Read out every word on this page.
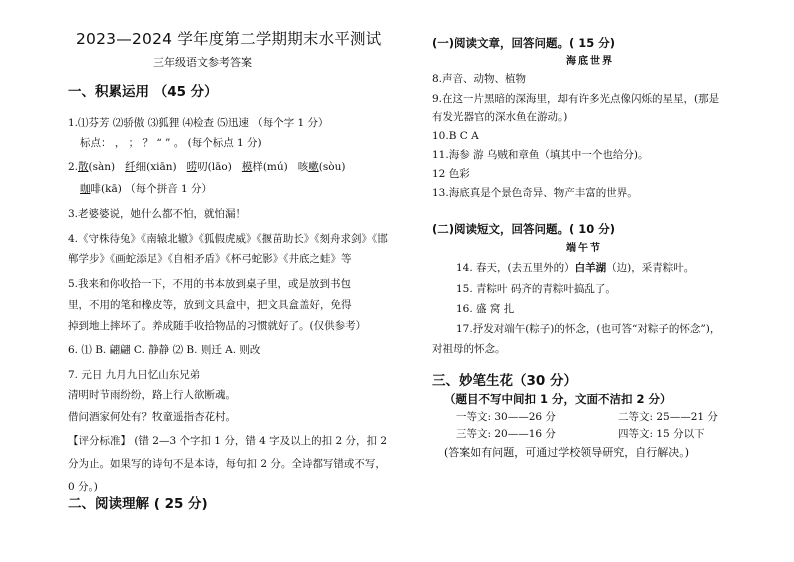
2023—2024 学年度第二学期期末水平测试
三年级语文参考答案
一、积累运用 （45 分）
1.⑴芬芳 ⑵骄傲 ⑶狐狸 ⑷检查 ⑸迅速 （每个字 1 分）
标点： ， ； ？ “ ” 。 (每个标点 1 分)
2.散(sàn) 纤细(xiān) 唠叨(lāo) 模样(mú) 咳嗽(sòu)
咖啡(kā) （每个拼音 1 分）
3.老婆婆说，她什么都不怕，就怕漏！
4.《守株待兔》《南辕北辙》《狐假虎威》《揠苗助长》《刻舟求剑》《邯
郸学步》《画蛇添足》《自相矛盾》《杯弓蛇影》《井底之蛙》等
5.我来和你收拾一下，不用的书本放到桌子里，或是放到书包
里，不用的笔和橡皮等，放到文具盒中，把文具盒盖好，免得
掉到地上摔坏了。养成随手收拾物品的习惯就好了。(仅供参考）
6. ⑴ B. 翩翩 C. 静静 ⑵ B. 则迁 A. 则改
7. 元日 九月九日忆山东兄弟
清明时节雨纷纷，路上行人欲断魂。
借问酒家何处有？牧童遥指杏花村。
【评分标准】 (错 2—3 个字扣 1 分，错 4 字及以上的扣 2 分，扣 2
分为止。如果写的诗句不是本诗，每句扣 2 分。全诗都写错或不写，
0 分。)
二、阅读理解 ( 25 分)
(一)阅读文章，回答问题。( 15 分)
海底世界
8.声音、动物、植物
9.在这一片黑暗的深海里，却有许多光点像闪烁的星星，(那是
有发光器官的深水鱼在游动。)
10.B C A
11.海参 游 乌贼和章鱼（填其中一个也给分)。
12 色彩
13.海底真是个景色奇异、物产丰富的世界。
(二)阅读短文，回答问题。( 10 分)
端午节
14. 春天，(去五里外的）白羊湖（边)，采青粽叶。
15. 青粽叶 码齐的青粽叶搞乱了。
16. 盛 窝 扎
17.抒发对端午(粽子)的怀念，(也可答“对粽子的怀念”)，
对祖母的怀念。
三、妙笔生花（30 分）
（题目不写中间扣 1 分，文面不洁扣 2 分）
一等文: 30——26 分	二等文: 25——21 分
三等文: 20——16 分	四等文: 15 分以下
(答案如有问题，可通过学校领导研究，自行解决。)
